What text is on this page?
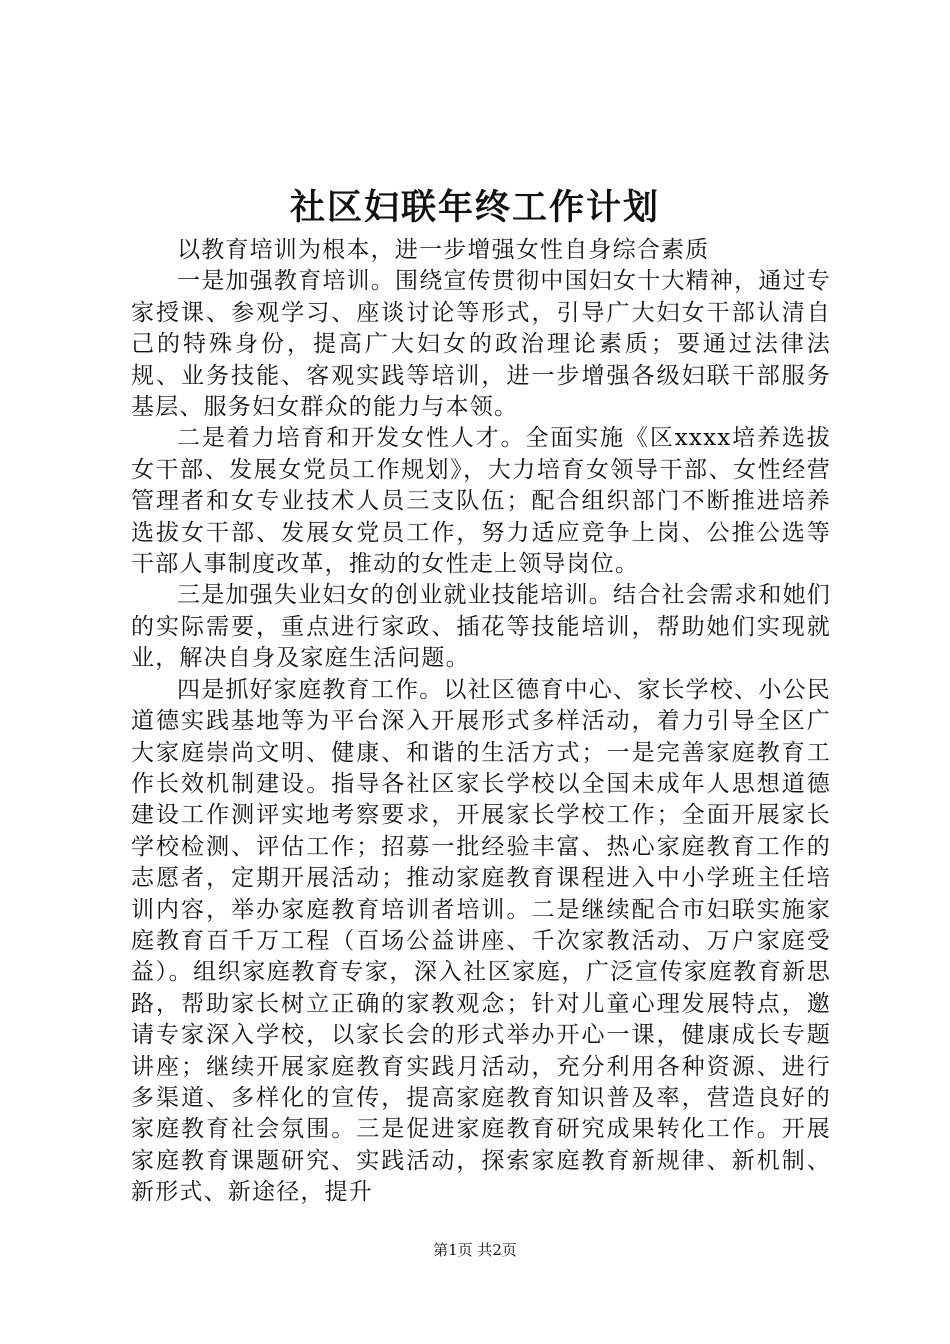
社区妇联年终工作计划

以教育培训为根本，进一步增强女性自身综合素质

一是加强教育培训。围绕宣传贯彻中国妇女十大精神，通过专家授课、参观学习、座谈讨论等形式，引导广大妇女干部认清自己的特殊身份，提高广大妇女的政治理论素质；要通过法律法规、业务技能、客观实践等培训，进一步增强各级妇联干部服务基层、服务妇女群众的能力与本领。

二是着力培育和开发女性人才。全面实施《区xxxx培养选拔女干部、发展女党员工作规划》，大力培育女领导干部、女性经营管理者和女专业技术人员三支队伍；配合组织部门不断推进培养选拔女干部、发展女党员工作，努力适应竞争上岗、公推公选等干部人事制度改革，推动的女性走上领导岗位。

三是加强失业妇女的创业就业技能培训。结合社会需求和她们的实际需要，重点进行家政、插花等技能培训，帮助她们实现就业，解决自身及家庭生活问题。

四是抓好家庭教育工作。以社区德育中心、家长学校、小公民道德实践基地等为平台深入开展形式多样活动，着力引导全区广大家庭崇尚文明、健康、和谐的生活方式；一是完善家庭教育工作长效机制建设。指导各社区家长学校以全国未成年人思想道德建设工作测评实地考察要求，开展家长学校工作；全面开展家长学校检测、评估工作；招募一批经验丰富、热心家庭教育工作的志愿者，定期开展活动；推动家庭教育课程进入中小学班主任培训内容，举办家庭教育培训者培训。二是继续配合市妇联实施家庭教育百千万工程（百场公益讲座、千次家教活动、万户家庭受益）。组织家庭教育专家，深入社区家庭，广泛宣传家庭教育新思路，帮助家长树立正确的家教观念；针对儿童心理发展特点，邀请专家深入学校，以家长会的形式举办开心一课，健康成长专题讲座；继续开展家庭教育实践月活动，充分利用各种资源、进行多渠道、多样化的宣传，提高家庭教育知识普及率，营造良好的家庭教育社会氛围。三是促进家庭教育研究成果转化工作。开展家庭教育课题研究、实践活动，探索家庭教育新规律、新机制、新形式、新途径，提升

第1页 共2页
